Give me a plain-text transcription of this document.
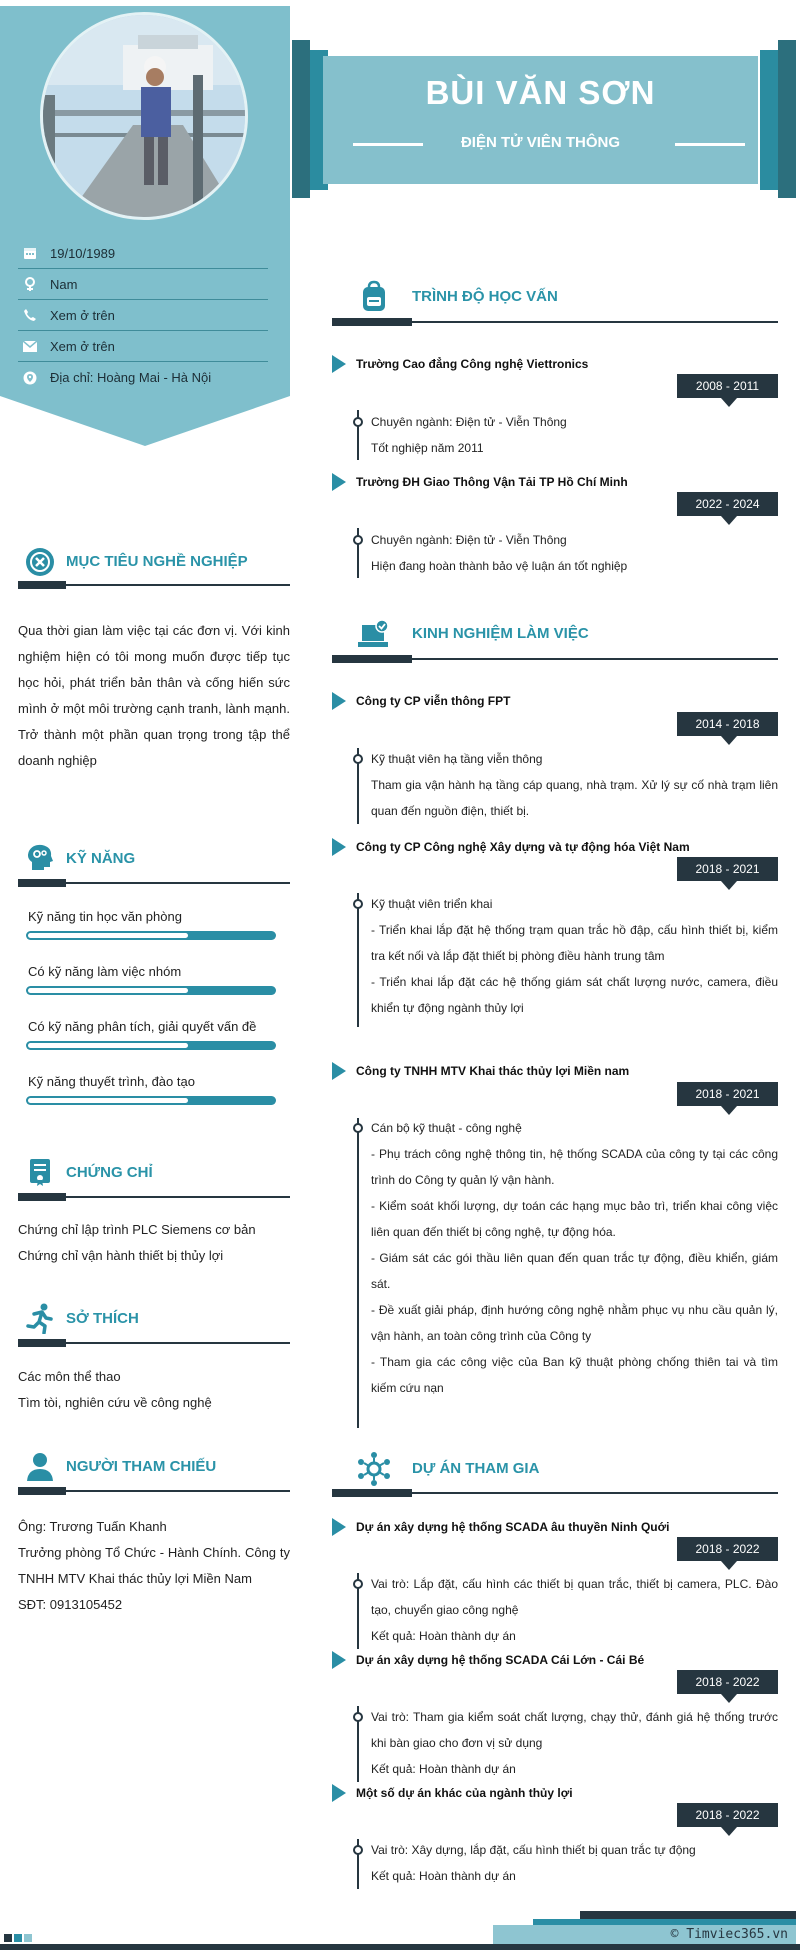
19/10/1989
Nam
Xem ở trên
Xem ở trên
Địa chỉ: Hoàng Mai - Hà Nội
MỤC TIÊU NGHỀ NGHIỆP
Qua thời gian làm việc tại các đơn vị. Với kinh nghiệm hiện có tôi mong muốn được tiếp tục học hỏi, phát triển bản thân và cống hiến sức mình ở một môi trường cạnh tranh, lành mạnh. Trở thành một phần quan trọng trong tập thể doanh nghiệp
KỸ NĂNG
Kỹ năng tin học văn phòng
Có kỹ năng làm việc nhóm
Có kỹ năng phân tích, giải quyết vấn đề
Kỹ năng thuyết trình, đào tạo
CHỨNG CHỈ
Chứng chỉ lập trình PLC Siemens cơ bản
Chứng chỉ vận hành thiết bị thủy lợi
SỞ THÍCH
Các môn thể thao
Tìm tòi, nghiên cứu về công nghệ
NGƯỜI THAM CHIẾU
Ông: Trương Tuấn Khanh
Trưởng phòng Tổ Chức - Hành Chính. Công ty TNHH MTV Khai thác thủy lợi Miền Nam
SĐT: 0913105452
BÙI VĂN SƠN
ĐIỆN TỬ VIÊN THÔNG
TRÌNH ĐỘ HỌC VẤN
Trường Cao đẳng Công nghệ Viettronics
2008 - 2011
Chuyên ngành: Điện tử - Viễn Thông
Tốt nghiệp năm 2011
Trường ĐH Giao Thông Vận Tải TP Hồ Chí Minh
2022 - 2024
Chuyên ngành: Điện tử - Viễn Thông
Hiện đang hoàn thành bảo vệ luận án tốt nghiệp
KINH NGHIỆM LÀM VIỆC
Công ty CP viễn thông FPT
2014 - 2018
Kỹ thuật viên hạ tầng viễn thông
Tham gia vận hành hạ tầng cáp quang, nhà trạm. Xử lý sự cố nhà trạm liên quan đến nguồn điện, thiết bị.
Công ty CP Công nghệ Xây dựng và tự động hóa Việt Nam
2018 - 2021
Kỹ thuật viên triển khai
- Triển khai lắp đặt hệ thống trạm quan trắc hồ đập, cấu hình thiết bị, kiểm tra kết nối và lắp đặt thiết bị phòng điều hành trung tâm
- Triển khai lắp đặt các hệ thống giám sát chất lượng nước, camera, điều khiển tự động ngành thủy lợi
Công ty TNHH MTV Khai thác thủy lợi Miền nam
2018 - 2021
Cán bộ kỹ thuật - công nghệ
- Phụ trách công nghệ thông tin, hệ thống SCADA của công ty tại các công trình do Công ty quản lý vận hành.
- Kiểm soát khối lượng, dự toán các hạng mục bảo trì, triển khai công việc liên quan đến thiết bị công nghệ, tự động hóa.
- Giám sát các gói thầu liên quan đến quan trắc tự động, điều khiển, giám sát.
- Đề xuất giải pháp, định hướng công nghệ nhằm phục vụ nhu cầu quản lý, vận hành, an toàn công trình của Công ty
- Tham gia các công việc của Ban kỹ thuật phòng chống thiên tai và tìm kiếm cứu nạn
DỰ ÁN THAM GIA
Dự án xây dựng hệ thống SCADA âu thuyền Ninh Quới
2018 - 2022
Vai trò: Lắp đặt, cấu hình các thiết bị quan trắc, thiết bị camera, PLC. Đào tạo, chuyển giao công nghệ
Kết quả: Hoàn thành dự án
Dự án xây dựng hệ thống SCADA Cái Lớn - Cái Bé
2018 - 2022
Vai trò: Tham gia kiểm soát chất lượng, chạy thử, đánh giá hệ thống trước khi bàn giao cho đơn vị sử dụng
Kết quả: Hoàn thành dự án
Một số dự án khác của ngành thủy lợi
2018 - 2022
Vai trò: Xây dựng, lắp đặt, cấu hình thiết bị quan trắc tự động
Kết quả: Hoàn thành dự án
© Timviec365.vn
